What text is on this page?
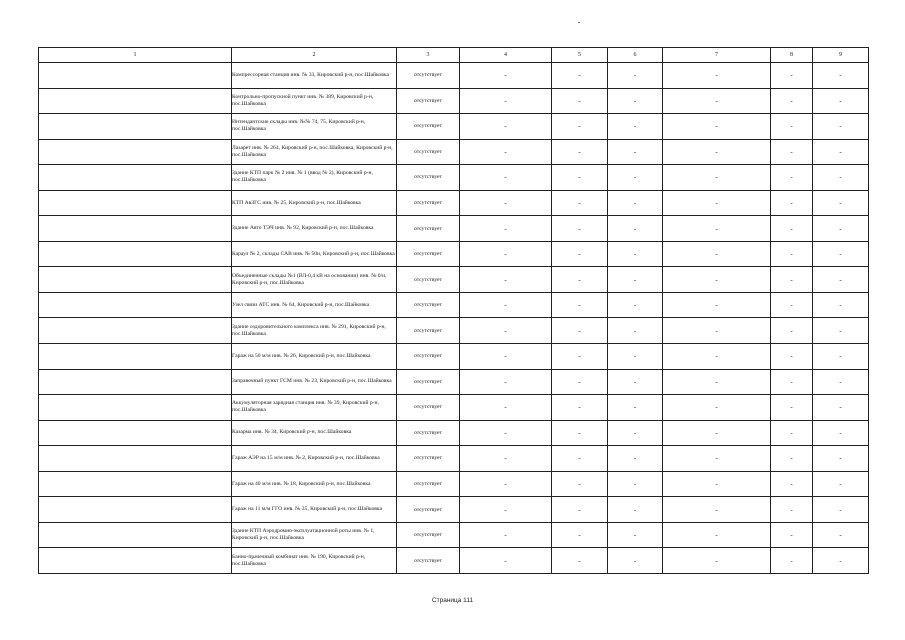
1	2	3	4	5	6	7	8	9
	Компрессорная станция инв. № 33, Кировский р-н, пос.Шайковка	отсутствует	-	-	-	-	-	-
	Контрольно-пропускной пункт инв. № 389, Кировский р-н, пос.Шайковка	отсутствует	-	-	-	-	-	-
	Интендантские склады инв. №№ 74, 75, Кировский р-н, пос.Шайковка	отсутствует	-	-	-	-	-	-
	Лазарет инв. № 264, Кировский р-н, пос.Шайковка, Кировский р-н, пос.Шайковка	отсутствует	-	-	-	-	-	-
	Здание КТП парк № 2 инв. № 1 (ввод № 2), Кировский р-н, пос.Шайковка	отсутствует	-	-	-	-	-	-
	КТП АвЗГС инв. № 25, Кировский р-н, пос.Шайковка	отсутствует	-	-	-	-	-	-
	Здание Авто ТЭЧ инв. № 92, Кировский р-н, пос.Шайковка	отсутствует	-	-	-	-	-	-
	Караул № 2, склады САВ инв. № 50и, Кировский р-н, пос.Шайковка	отсутствует	-	-	-	-	-	-
	Объединенные склады №1 (ВЛ-0,4 кВ на основании) инв. № 0/и, Кировский р-н, пос.Шайковка	отсутствует	-	-	-	-	-	-
	Узел связи АТС инв. № 64, Кировский р-н, пос.Шайковка	отсутствует	-	-	-	-	-	-
	Здание оздоровительного комплекса инв. № 291, Кировский р-н, пос.Шайковка	отсутствует	-	-	-	-	-	-
	Гараж на 50 м/м инв. № 26, Кировский р-н, пос.Шайковка	отсутствует	-	-	-	-	-	-
	Заправочный пункт ГСМ инв. № 23, Кировский р-н, пос.Шайковка	отсутствует	-	-	-	-	-	-
	Аккумуляторная зарядная станция инв. № 39, Кировский р-н, пос.Шайковка	отсутствует	-	-	-	-	-	-
	Казарма инв. № 34, Кировский р-н, пос.Шайковка	отсутствует	-	-	-	-	-	-
	Гараж АЭР на 15 м/м инв. № 2, Кировский р-н, пос.Шайковка	отсутствует	-	-	-	-	-	-
	Гараж на 40 м/м инв. № 18, Кировский р-н, пос.Шайковка	отсутствует	-	-	-	-	-	-
	Гараж на 11 м/м ГГО инв. № 35, Кировский р-н, пос.Шайковка	отсутствует	-	-	-	-	-	-
	Здание КТП Аэродромно-эксплуатационной роты инв. № 1, Кировский р-н, пос.Шайковка	отсутствует	-	-	-	-	-	-
	Банно-прачечный комбинат инв. № 190, Кировский р-н, пос.Шайковка	отсутствует	-	-	-	-	-	-
Страница 111
